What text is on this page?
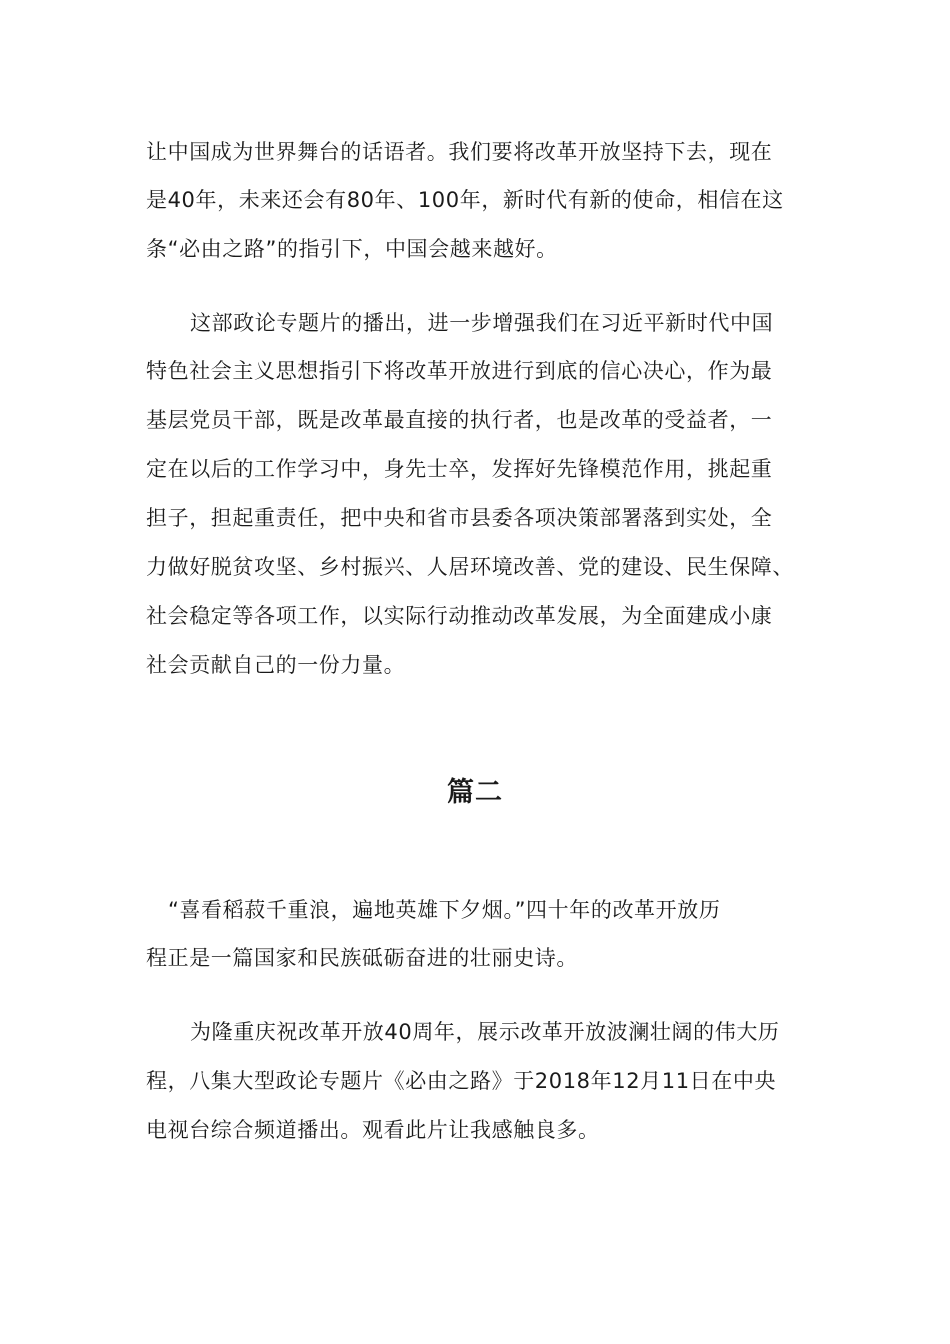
让中国成为世界舞台的话语者。我们要将改革开放坚持下去，现在
是40年，未来还会有80年、100年，新时代有新的使命，相信在这
条“必由之路”的指引下，中国会越来越好。
这部政论专题片的播出，进一步增强我们在习近平新时代中国
特色社会主义思想指引下将改革开放进行到底的信心决心，作为最
基层党员干部，既是改革最直接的执行者，也是改革的受益者，一
定在以后的工作学习中，身先士卒，发挥好先锋模范作用，挑起重
担子，担起重责任，把中央和省市县委各项决策部署落到实处，全
力做好脱贫攻坚、乡村振兴、人居环境改善、党的建设、民生保障、
社会稳定等各项工作，以实际行动推动改革发展，为全面建成小康
社会贡献自己的一份力量。
篇二
“喜看稻菽千重浪，遍地英雄下夕烟。”四十年的改革开放历
程正是一篇国家和民族砥砺奋进的壮丽史诗。
为隆重庆祝改革开放40周年，展示改革开放波澜壮阔的伟大历
程，八集大型政论专题片《必由之路》于2018年12月11日在中央
电视台综合频道播出。观看此片让我感触良多。
